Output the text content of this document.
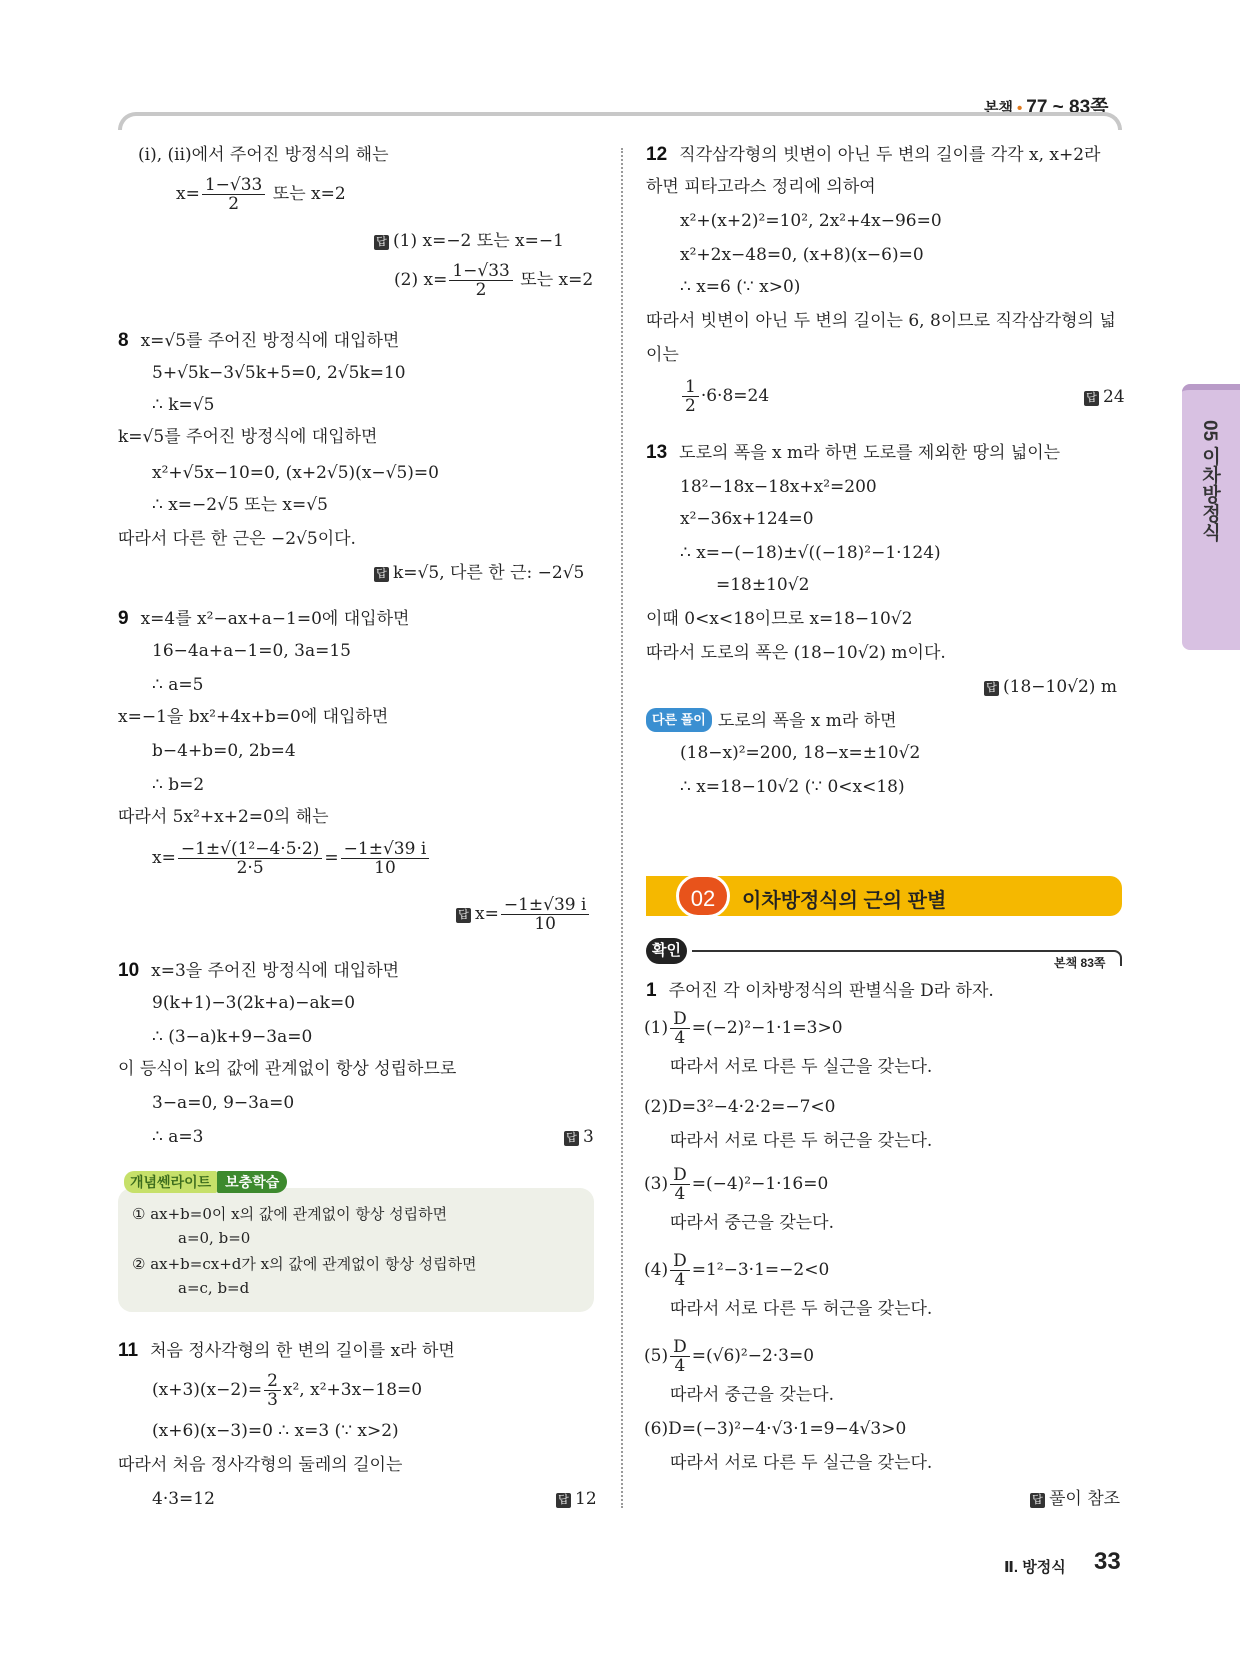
본책 • 77 ~ 83쪽
05 이차방정식
(ⅰ), (ⅱ)에서 주어진 방정식의 해는
$x= \frac{1-√33}{2}$ 또는 x=2
답 (1) x=−2 또는 x=−1
(2) $x= \frac{1-√33}{2}$ 또는 x=2
8 x=√5를 주어진 방정식에 대입하면
5+√5k−3√5k+5=0, 2√5k=10
∴ k=√5
k=√5를 주어진 방정식에 대입하면
x²+√5x−10=0, (x+2√5)(x−√5)=0
∴ x=−2√5 또는 x=√5
따라서 다른 한 근은 −2√5이다.
답 k=√5, 다른 한 근: −2√5
9 x=4를 x²−ax+a−1=0에 대입하면
16−4a+a−1=0, 3a=15
∴ a=5
x=−1을 bx²+4x+b=0에 대입하면
b−4+b=0, 2b=4
∴ b=2
따라서 5x²+x+2=0의 해는
$x= \frac{\text{−1±√(1²−4·5·2)}}{2\cdot 5} = \frac{-1\pm√39 i}{10}$
답 $x= \frac{-1\pm√39 i}{10}$
10 x=3을 주어진 방정식에 대입하면
9(k+1)−3(2k+a)−ak=0
∴ (3−a)k+9−3a=0
이 등식이 k의 값에 관계없이 항상 성립하므로
3−a=0, 9−3a=0
∴ a=3	답 3
개념쎈라이트 보충학습
① ax+b=0이 x의 값에 관계없이 항상 성립하면
a=0, b=0
② ax+b=cx+d가 x의 값에 관계없이 항상 성립하면
a=c, b=d
11 처음 정사각형의 한 변의 길이를 x라 하면
$(x+3)(x-2)= \frac{2}{3} x^2$, x²+3x−18=0
(x+6)(x−3)=0 ∴ x=3 (∵ x>2)
따라서 처음 정사각형의 둘레의 길이는
4·3=12	답 12
12 직각삼각형의 빗변이 아닌 두 변의 길이를 각각 x, x+2라
하면 피타고라스 정리에 의하여
x²+(x+2)²=10², 2x²+4x−96=0
x²+2x−48=0, (x+8)(x−6)=0
∴ x=6 (∵ x>0)
따라서 빗변이 아닌 두 변의 길이는 6, 8이므로 직각삼각형의 넓
이는
$\frac{1}{2} \cdot 6\cdot 8=24$	답 24
13 도로의 폭을 x m라 하면 도로를 제외한 땅의 넓이는
18²−18x−18x+x²=200
x²−36x+124=0
∴ x=−(−18)±√((−18)²−1·124)
=18±10√2
이때 0<x<18이므로 x=18−10√2
따라서 도로의 폭은 (18−10√2) m이다.
답 (18−10√2) m
다른 풀이 도로의 폭을 x m라 하면
(18−x)²=200, 18−x=±10√2
∴ x=18−10√2 (∵ 0<x<18)
02	이차방정식의 근의 판별
확인
본책 83쪽
1 주어진 각 이차방정식의 판별식을 D라 하자.
$(1) \frac{D}{4} =(-2)^2-1\cdot 1=3>0$
따라서 서로 다른 두 실근을 갖는다.
(2)D=3²−4·2·2=−7<0
따라서 서로 다른 두 허근을 갖는다.
$(3) \frac{D}{4} =(-4)^2-1\cdot 16=0$
따라서 중근을 갖는다.
$(4) \frac{D}{4} =1^2-3\cdot 1=-2<0$
따라서 서로 다른 두 허근을 갖는다.
$(5) \frac{D}{4} =(√6)^2-2\cdot 3=0$
따라서 중근을 갖는다.
(6)D=(−3)²−4·√3·1=9−4√3>0
따라서 서로 다른 두 실근을 갖는다.
답 풀이 참조
Ⅱ. 방정식 33
